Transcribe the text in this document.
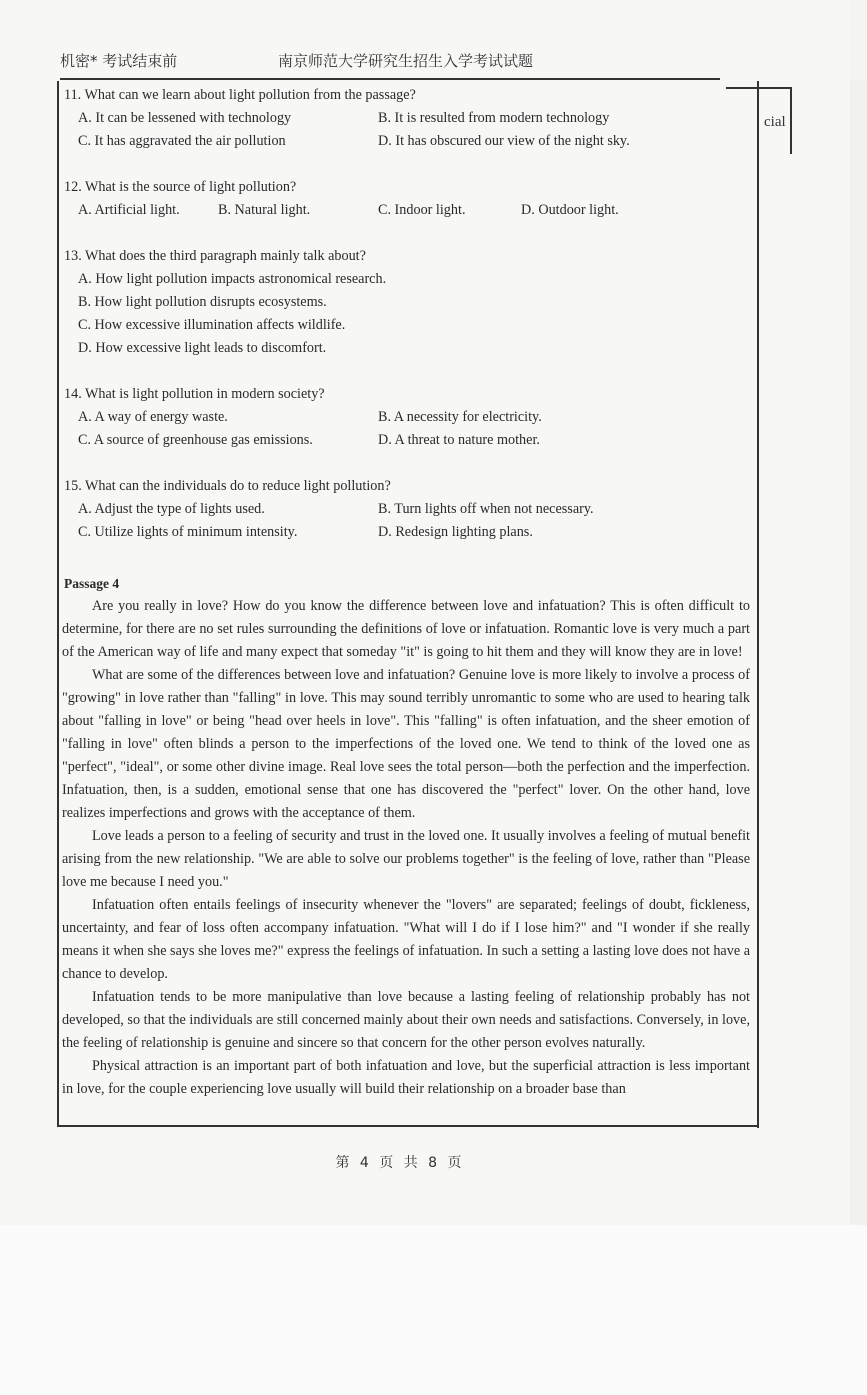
cial
机密* 考试结束前	南京师范大学研究生招生入学考试试题
11. What can we learn about light pollution from the passage?
A. It can be lessened with technology	B. It is resulted from modern technology
C. It has aggravated the air pollution	D. It has obscured our view of the night sky.
12. What is the source of light pollution?
A. Artificial light.	B. Natural light.	C. Indoor light.	D. Outdoor light.
13. What does the third paragraph mainly talk about?
A. How light pollution impacts astronomical research.
B. How light pollution disrupts ecosystems.
C. How excessive illumination affects wildlife.
D. How excessive light leads to discomfort.
14. What is light pollution in modern society?
A. A way of energy waste.	B. A necessity for electricity.
C. A source of greenhouse gas emissions.	D. A threat to nature mother.
15. What can the individuals do to reduce light pollution?
A. Adjust the type of lights used.	B. Turn lights off when not necessary.
C. Utilize lights of minimum intensity.	D. Redesign lighting plans.
Passage 4

Are you really in love? How do you know the difference between love and infatuation? This is often difficult to determine, for there are no set rules surrounding the definitions of love or infatuation. Romantic love is very much a part of the American way of life and many expect that someday "it" is going to hit them and they will know they are in love!

What are some of the differences between love and infatuation? Genuine love is more likely to involve a process of "growing" in love rather than "falling" in love. This may sound terribly unromantic to some who are used to hearing talk about "falling in love" or being "head over heels in love". This "falling" is often infatuation, and the sheer emotion of "falling in love" often blinds a person to the imperfections of the loved one. We tend to think of the loved one as "perfect", "ideal", or some other divine image. Real love sees the total person—both the perfection and the imperfection. Infatuation, then, is a sudden, emotional sense that one has discovered the "perfect" lover. On the other hand, love realizes imperfections and grows with the acceptance of them.

Love leads a person to a feeling of security and trust in the loved one. It usually involves a feeling of mutual benefit arising from the new relationship. "We are able to solve our problems together" is the feeling of love, rather than "Please love me because I need you."

Infatuation often entails feelings of insecurity whenever the "lovers" are separated; feelings of doubt, fickleness, uncertainty, and fear of loss often accompany infatuation. "What will I do if I lose him?" and "I wonder if she really means it when she says she loves me?" express the feelings of infatuation. In such a setting a lasting love does not have a chance to develop.

Infatuation tends to be more manipulative than love because a lasting feeling of relationship probably has not developed, so that the individuals are still concerned mainly about their own needs and satisfactions. Conversely, in love, the feeling of relationship is genuine and sincere so that concern for the other person evolves naturally.

Physical attraction is an important part of both infatuation and love, but the superficial attraction is less important in love, for the couple experiencing love usually will build their relationship on a broader base than

第 4 页 共 8 页
